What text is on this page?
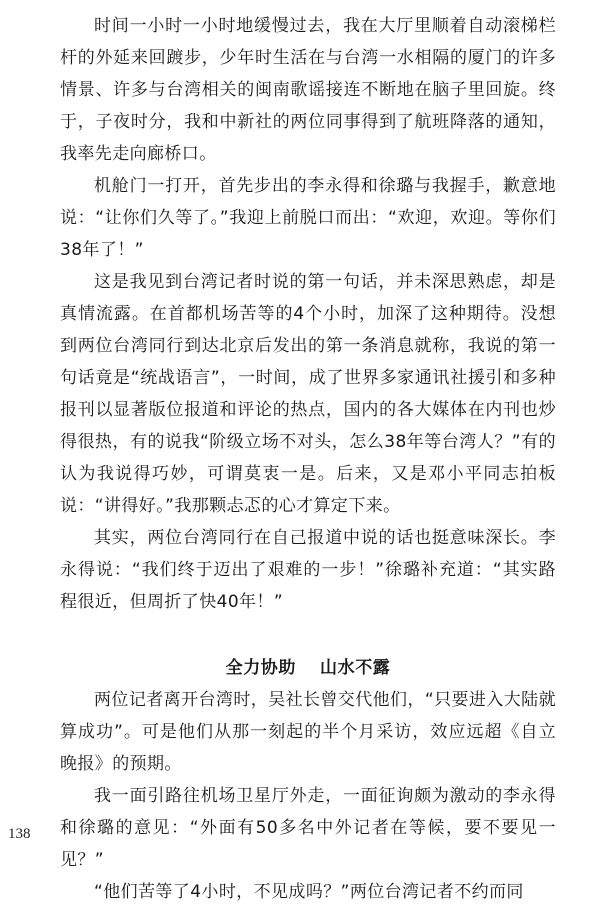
时间一小时一小时地缓慢过去，我在大厅里顺着自动滚梯栏杆的外延来回踱步，少年时生活在与台湾一水相隔的厦门的许多情景、许多与台湾相关的闽南歌谣接连不断地在脑子里回旋。终于，子夜时分，我和中新社的两位同事得到了航班降落的通知，我率先走向廊桥口。

机舱门一打开，首先步出的李永得和徐璐与我握手，歉意地说：“让你们久等了。”我迎上前脱口而出：“欢迎，欢迎。等你们38年了！”

这是我见到台湾记者时说的第一句话，并未深思熟虑，却是真情流露。在首都机场苦等的4个小时，加深了这种期待。没想到两位台湾同行到达北京后发出的第一条消息就称，我说的第一句话竟是“统战语言”，一时间，成了世界多家通讯社援引和多种报刊以显著版位报道和评论的热点，国内的各大媒体在内刊也炒得很热，有的说我“阶级立场不对头，怎么38年等台湾人？”有的认为我说得巧妙，可谓莫衷一是。后来，又是邓小平同志拍板说：“讲得好。”我那颗忐忑的心才算定下来。

其实，两位台湾同行在自己报道中说的话也挺意味深长。李永得说：“我们终于迈出了艰难的一步！”徐璐补充道：“其实路程很近，但周折了快40年！”

全力协助 山水不露

两位记者离开台湾时，吴社长曾交代他们，“只要进入大陆就算成功”。可是他们从那一刻起的半个月采访，效应远超《自立晚报》的预期。

我一面引路往机场卫星厅外走，一面征询颇为激动的李永得和徐璐的意见：“外面有50多名中外记者在等候，要不要见一见？”

“他们苦等了4小时，不见成吗？”两位台湾记者不约而同

138
